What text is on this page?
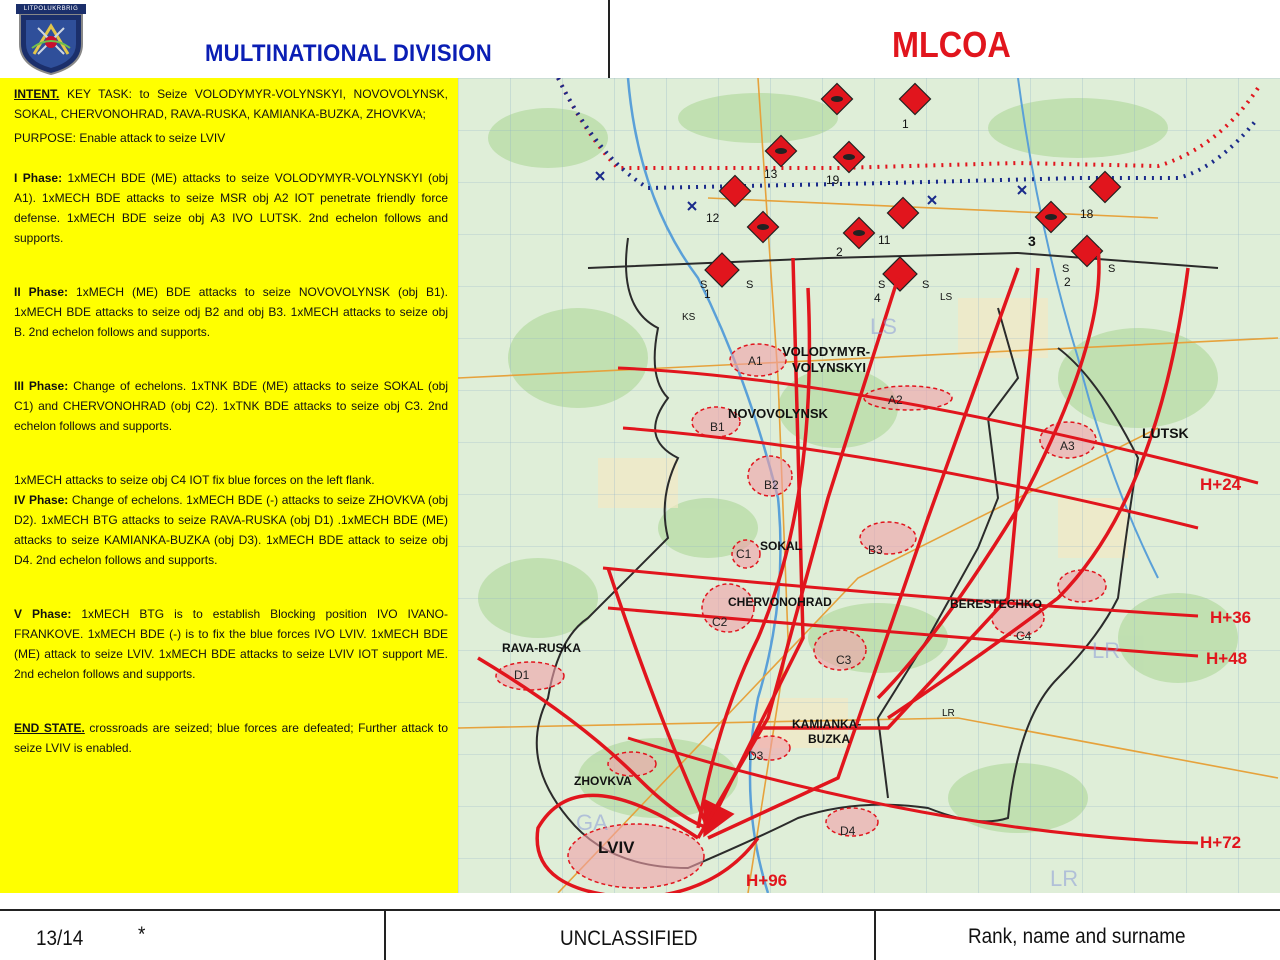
LITPOLUKRBRIG
MULTINATIONAL DIVISION	MLCOA

INTENT. KEY TASK: to Seize VOLODYMYR-VOLYNSKYI, NOVOVOLYNSK, SOKAL, CHERVONOHRAD, RAVA-RUSKA, KAMIANKA-BUZKA, ZHOVKVA;

PURPOSE: Enable attack to seize LVIV

I Phase: 1xMECH BDE (ME) attacks to seize VOLODYMYR-VOLYNSKYI (obj A1). 1xMECH BDE attacks to seize MSR obj A2 IOT penetrate friendly force defense. 1xMECH BDE seize obj A3 IVO LUTSK. 2nd echelon follows and supports.

II Phase: 1xMECH (ME) BDE attacks to seize NOVOVOLYNSK (obj B1). 1xMECH BDE attacks to seize odj B2 and obj B3. 1xMECH attacks to seize obj B. 2nd echelon follows and supports.

III Phase: Change of echelons. 1xTNK BDE (ME) attacks to seize SOKAL (obj C1) and CHERVONOHRAD (obj C2). 1xTNK BDE attacks to seize obj C3. 2nd echelon follows and supports.

1xMECH attacks to seize obj C4 IOT fix blue forces on the left flank.

IV Phase: Change of echelons. 1xMECH BDE (-) attacks to seize ZHOVKVA (obj D2). 1xMECH BTG attacks to seize RAVA-RUSKA (obj D1) .1xMECH BDE (ME) attacks to seize KAMIANKA-BUZKA (obj D3). 1xMECH BDE attack to seize obj D4. 2nd echelon follows and supports.

V Phase: 1xMECH BTG is to establish Blocking position IVO IVANO-FRANKOVE. 1xMECH BDE (-) is to fix the blue forces IVO LVIV. 1xMECH BDE (ME) attack to seize LVIV. 1xMECH BDE attacks to seize LVIV IOT support ME. 2nd echelon follows and supports.

END STATE. crossroads are seized; blue forces are defeated; Further attack to seize LVIV is enabled.

VOLODYMYR- VOLYNSKYI
NOVOVOLYNSK
LUTSK
SOKAL
CHERVONOHRAD	BERESTECHKO
RAVA-RUSKA
KAMIANKA- BUZKA
ZHOVKVA
LVIV
A1
A2
A3
B1
B2
B3
C1
C2
C3
C4
D1
D3
D4
H+24
H+36
H+48
H+72
H+96
1
13	19
12
2
11	3
18
1	4
2
S	S	S	S
S	S
LS
LS
KS
LR
LR
LR
GA
13/14	*	UNCLASSIFIED	Rank, name and surname
